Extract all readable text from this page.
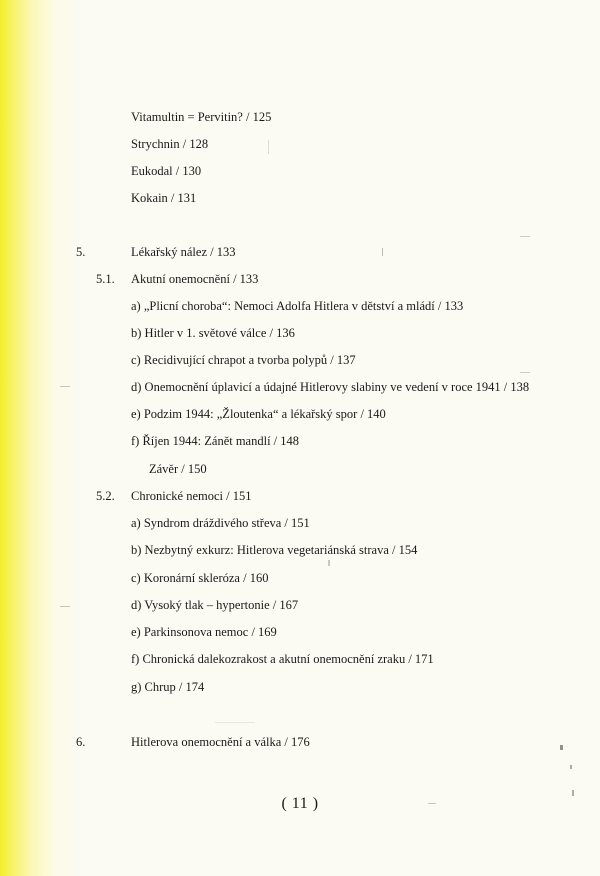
Vitamultin = Pervitin? / 125
Strychnin / 128
Eukodal / 130
Kokain / 131
5.	Lékařský nález / 133
5.1. Akutní onemocnění / 133
a) „Plicní choroba“: Nemoci Adolfa Hitlera v dětství a mládí / 133
b) Hitler v 1. světové válce / 136
c) Recidivující chrapot a tvorba polypů / 137
d) Onemocnění úplavicí a údajné Hitlerovy slabiny ve vedení v roce 1941 / 138
e) Podzim 1944: „Žloutenka“ a lékařský spor / 140
f) Říjen 1944: Zánět mandlí / 148
Závěr / 150
5.2. Chronické nemoci / 151
a) Syndrom dráždivého střeva / 151
b) Nezbytný exkurz: Hitlerova vegetariánská strava / 154
c) Koronární skleróza / 160
d) Vysoký tlak – hypertonie / 167
e) Parkinsonova nemoc / 169
f) Chronická dalekozrakost a akutní onemocnění zraku / 171
g) Chrup / 174
6.	Hitlerova onemocnění a válka / 176
( 11 )
